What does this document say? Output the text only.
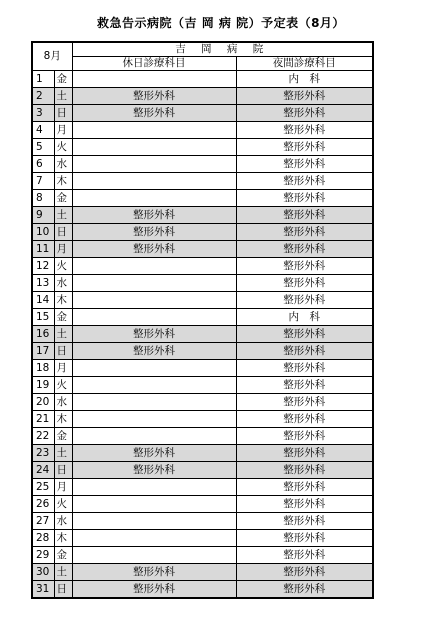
救急告示病院（吉 岡 病 院）予定表（8月）
8月		吉 岡 病 院	
		休日診療科目	夜間診療科目
1	金		内　科
2	土	整形外科	整形外科
3	日	整形外科	整形外科
4	月		整形外科
5	火		整形外科
6	水		整形外科
7	木		整形外科
8	金		整形外科
9	土	整形外科	整形外科
10	日	整形外科	整形外科
11	月	整形外科	整形外科
12	火		整形外科
13	水		整形外科
14	木		整形外科
15	金		内　科
16	土	整形外科	整形外科
17	日	整形外科	整形外科
18	月		整形外科
19	火		整形外科
20	水		整形外科
21	木		整形外科
22	金		整形外科
23	土	整形外科	整形外科
24	日	整形外科	整形外科
25	月		整形外科
26	火		整形外科
27	水		整形外科
28	木		整形外科
29	金		整形外科
30	土	整形外科	整形外科
31	日	整形外科	整形外科
